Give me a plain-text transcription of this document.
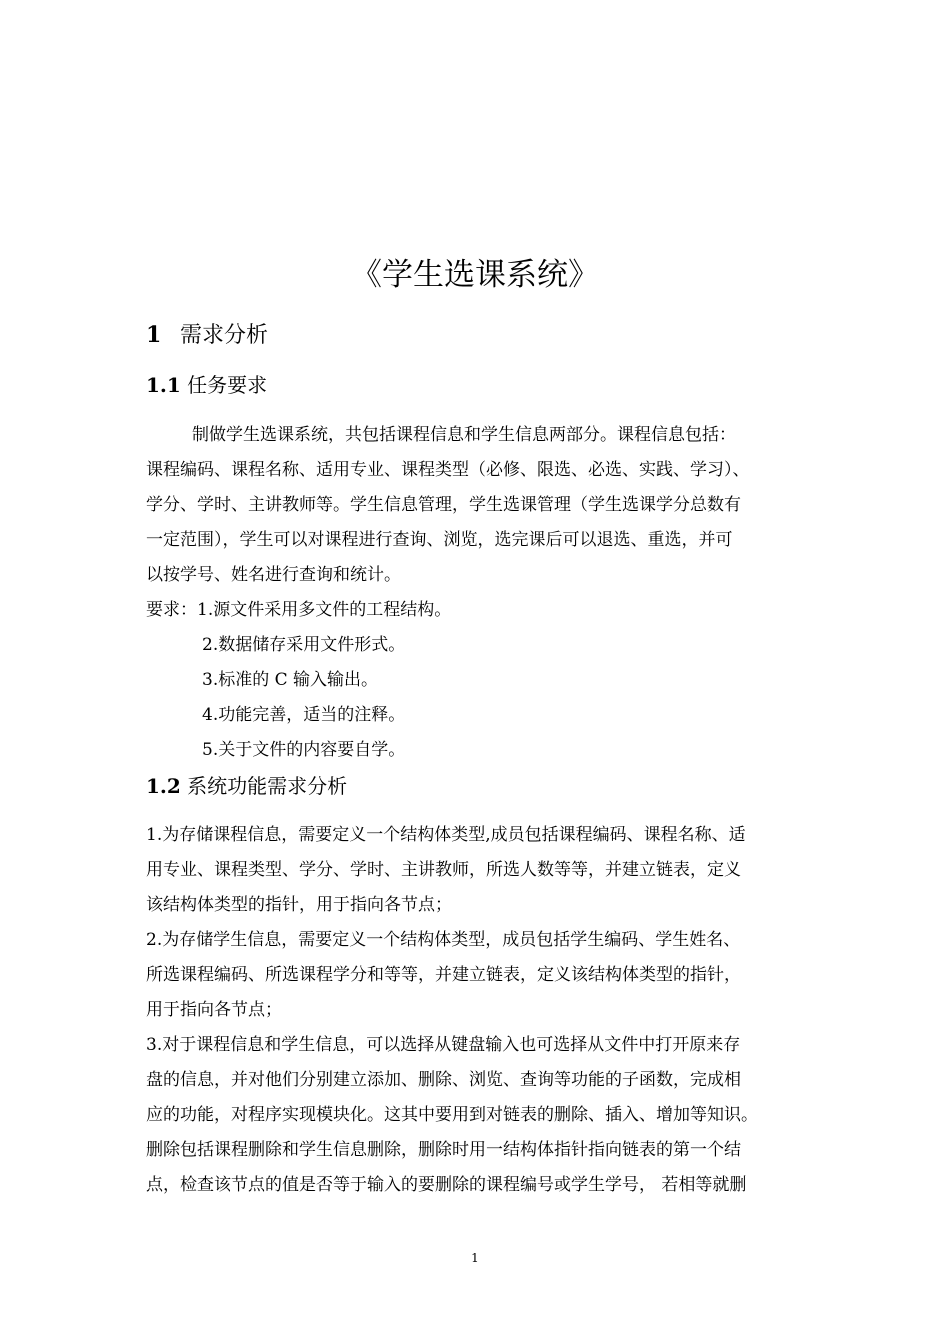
《学生选课系统》
1 需求分析
1.1 任务要求
制做学生选课系统，共包括课程信息和学生信息两部分。课程信息包括：
课程编码、课程名称、适用专业、课程类型（必修、限选、必选、实践、学习）、
学分、学时、主讲教师等。学生信息管理，学生选课管理（学生选课学分总数有
一定范围），学生可以对课程进行查询、浏览，选完课后可以退选、重选，并可
以按学号、姓名进行查询和统计。
要求：1.源文件采用多文件的工程结构。
2.数据储存采用文件形式。
3.标准的 C 输入输出。
4.功能完善，适当的注释。
5.关于文件的内容要自学。
1.2 系统功能需求分析
1.为存储课程信息，需要定义一个结构体类型,成员包括课程编码、课程名称、适
用专业、课程类型、学分、学时、主讲教师，所选人数等等，并建立链表，定义
该结构体类型的指针，用于指向各节点；
2.为存储学生信息，需要定义一个结构体类型，成员包括学生编码、学生姓名、
所选课程编码、所选课程学分和等等，并建立链表，定义该结构体类型的指针，
用于指向各节点；
3.对于课程信息和学生信息，可以选择从键盘输入也可选择从文件中打开原来存
盘的信息，并对他们分别建立添加、删除、浏览、查询等功能的子函数，完成相
应的功能，对程序实现模块化。这其中要用到对链表的删除、插入、增加等知识。
删除包括课程删除和学生信息删除，删除时用一结构体指针指向链表的第一个结
点，检查该节点的值是否等于输入的要删除的课程编号或学生学号， 若相等就删
1
